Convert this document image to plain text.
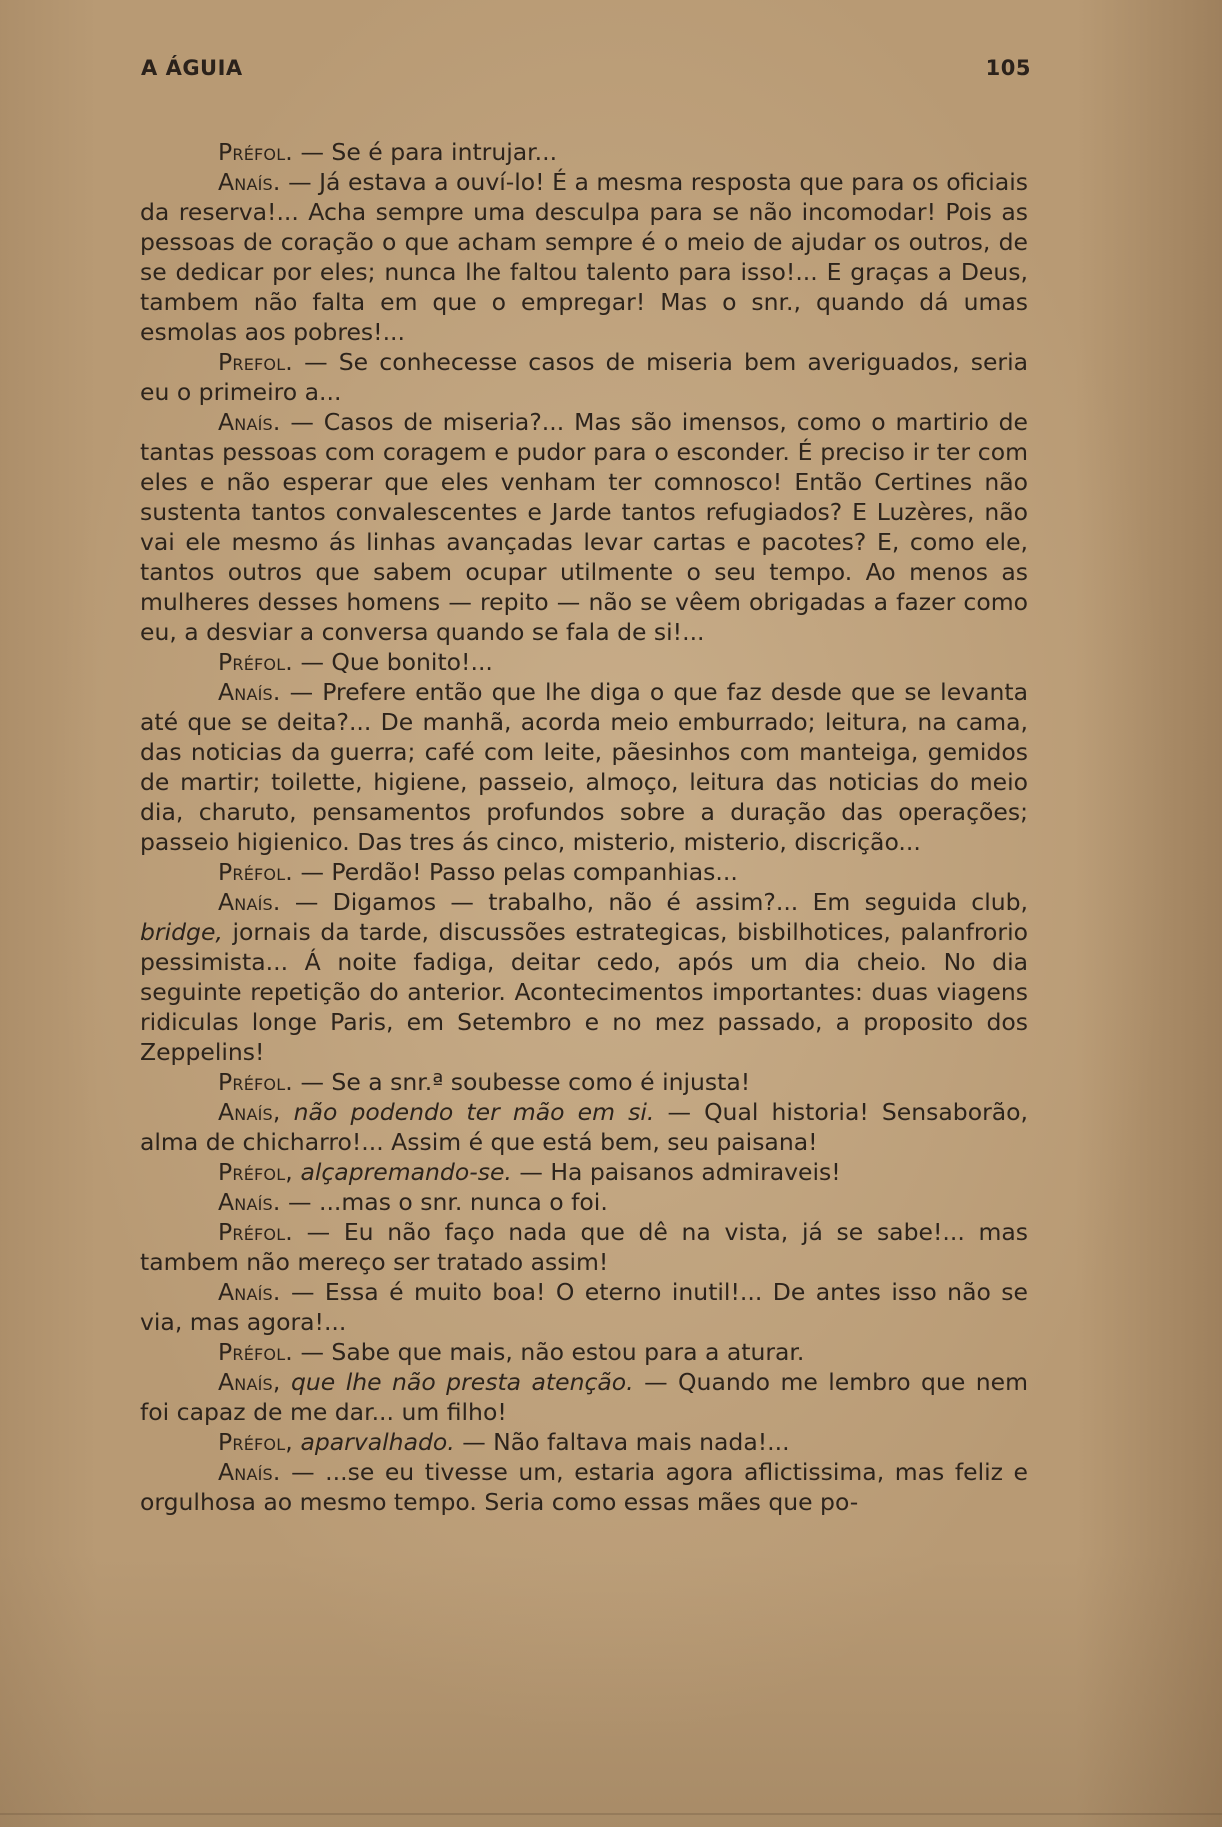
A ÁGUIA	105

Préfol. — Se é para intrujar...

Anaís. — Já estava a ouví-lo! É a mesma resposta que para os oficiais da reserva!... Acha sempre uma desculpa para se não incomodar! Pois as pessoas de coração o que acham sempre é o meio de ajudar os outros, de se dedicar por eles; nunca lhe faltou talento para isso!... E graças a Deus, tambem não falta em que o empregar! Mas o snr., quando dá umas esmolas aos pobres!...

Prefol. — Se conhecesse casos de miseria bem averiguados, seria eu o primeiro a...

Anaís. — Casos de miseria?... Mas são imensos, como o martirio de tantas pessoas com coragem e pudor para o esconder. É preciso ir ter com eles e não esperar que eles venham ter comnosco! Então Certines não sustenta tantos convalescentes e Jarde tantos refugiados? E Luzères, não vai ele mesmo ás linhas avançadas levar cartas e pacotes? E, como ele, tantos outros que sabem ocupar utilmente o seu tempo. Ao menos as mulheres desses homens — repito — não se vêem obrigadas a fazer como eu, a desviar a conversa quando se fala de si!...

Préfol. — Que bonito!...

Anaís. — Prefere então que lhe diga o que faz desde que se levanta até que se deita?... De manhã, acorda meio emburrado; leitura, na cama, das noticias da guerra; café com leite, pãesinhos com manteiga, gemidos de martir; toilette, higiene, passeio, almoço, leitura das noticias do meio dia, charuto, pensamentos profundos sobre a duração das operações; passeio higienico. Das tres ás cinco, misterio, misterio, discrição...

Préfol. — Perdão! Passo pelas companhias...

Anaís. — Digamos — trabalho, não é assim?... Em seguida club, bridge, jornais da tarde, discussões estrategicas, bisbilhotices, palanfrorio pessimista... Á noite fadiga, deitar cedo, após um dia cheio. No dia seguinte repetição do anterior. Acontecimentos importantes: duas viagens ridiculas longe Paris, em Setembro e no mez passado, a proposito dos Zeppelins!

Préfol. — Se a snr.ª soubesse como é injusta!

Anaís, não podendo ter mão em si. — Qual historia! Sensaborão, alma de chicharro!... Assim é que está bem, seu paisana!

Préfol, alçapremando-se. — Ha paisanos admiraveis!

Anaís. — ...mas o snr. nunca o foi.

Préfol. — Eu não faço nada que dê na vista, já se sabe!... mas tambem não mereço ser tratado assim!

Anaís. — Essa é muito boa! O eterno inutil!... De antes isso não se via, mas agora!...

Préfol. — Sabe que mais, não estou para a aturar.

Anaís, que lhe não presta atenção. — Quando me lembro que nem foi capaz de me dar... um filho!

Préfol, aparvalhado. — Não faltava mais nada!...

Anaís. — ...se eu tivesse um, estaria agora aflictissima, mas feliz e orgulhosa ao mesmo tempo. Seria como essas mães que po-
